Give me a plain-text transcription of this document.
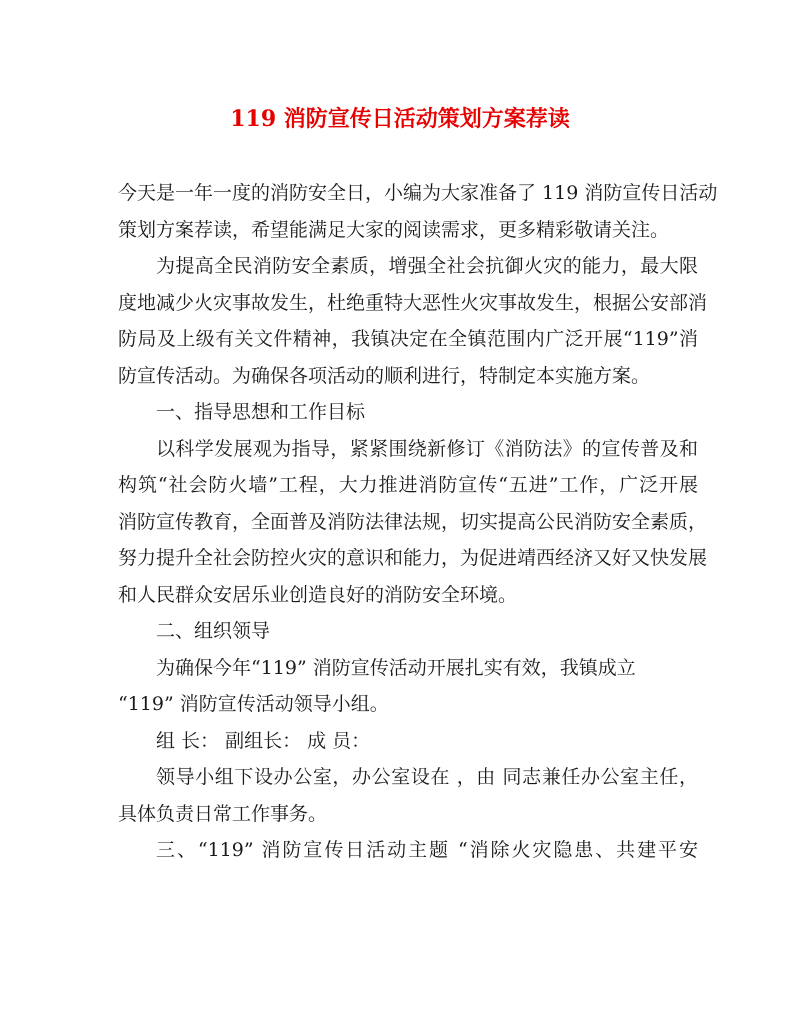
119 消防宣传日活动策划方案荐读
今天是一年一度的消防安全日，小编为大家准备了 119 消防宣传日活动
策划方案荐读，希望能满足大家的阅读需求，更多精彩敬请关注。
为提高全民消防安全素质，增强全社会抗御火灾的能力，最大限
度地减少火灾事故发生，杜绝重特大恶性火灾事故发生，根据公安部消
防局及上级有关文件精神，我镇决定在全镇范围内广泛开展“119”消
防宣传活动。为确保各项活动的顺利进行，特制定本实施方案。
一、指导思想和工作目标
以科学发展观为指导，紧紧围绕新修订《消防法》的宣传普及和
构筑“社会防火墙”工程，大力推进消防宣传“五进”工作，广泛开展
消防宣传教育，全面普及消防法律法规，切实提高公民消防安全素质，
努力提升全社会防控火灾的意识和能力，为促进靖西经济又好又快发展
和人民群众安居乐业创造良好的消防安全环境。
二、组织领导
为确保今年“119” 消防宣传活动开展扎实有效，我镇成立
“119” 消防宣传活动领导小组。
组 长： 副组长： 成 员：
领导小组下设办公室，办公室设在 ，由 同志兼任办公室主任，
具体负责日常工作事务。
三、“119” 消防宣传日活动主题 “消除火灾隐患、共建平安
